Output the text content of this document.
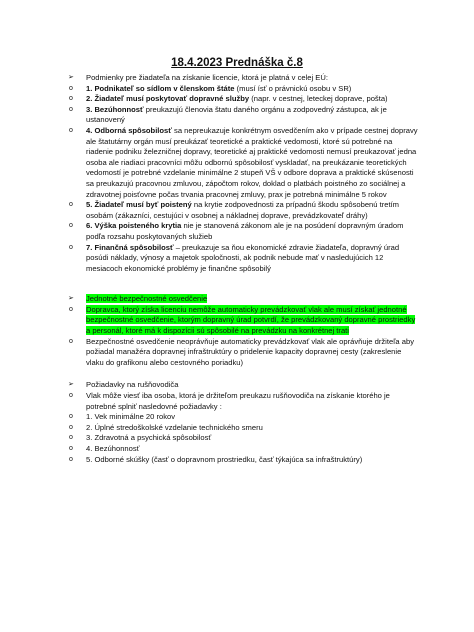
18.4.2023 Prednáška č.8
➢ Podmienky pre žiadateľa na získanie licencie, ktorá je platná v celej EÚ:
o 1. Podnikateľ so sídlom v členskom štáte (musí ísť o právnickú osobu v SR)
o 2. Žiadateľ musí poskytovať dopravné služby (napr. v cestnej, leteckej doprave, pošta)
o 3. Bezúhonnosť preukazujú členovia štatu daného orgánu a zodpovedný zástupca, ak je ustanovený
o 4. Odborná spôsobilosť sa nepreukazuje konkrétnym osvedčením ako v prípade cestnej dopravy ale štatutárny orgán musí preukázať teoretické a praktické vedomosti, ktoré sú potrebné na riadenie podniku železničnej dopravy, teoretické aj praktické vedomosti nemusí preukazovať jedna osoba ale riadiaci pracovníci môžu odbornú spôsobilosť vyskladať, na preukázanie teoretických vedomostí je potrebné vzdelanie minimálne 2 stupeň VŠ v odbore doprava a praktické skúsenosti sa preukazujú pracovnou zmluvou, zápočtom rokov, doklad o platbách poistného zo sociálnej a zdravotnej poisťovne počas trvania pracovnej zmluvy, prax je potrebná minimálne 5 rokov
o 5. Žiadateľ musí byť poistený na krytie zodpovednosti za prípadnú škodu spôsobenú tretím osobám (zákazníci, cestujúci v osobnej a nákladnej doprave, prevádzkovateľ dráhy)
o 6. Výška poisteného krytia nie je stanovená zákonom ale je na posúdení dopravným úradom podľa rozsahu poskytovaných služieb
o 7. Finančná spôsobilosť – preukazuje sa ňou ekonomické zdravie žiadateľa, dopravný úrad posúdi náklady, výnosy a majetok spoločnosti, ak podnik nebude mať v nasledujúcich 12 mesiacoch ekonomické problémy je finančne spôsobilý
➢ Jednotné bezpečnostné osvedčenie
o Dopravca, ktorý získa licenciu nemôže automaticky prevádzkovať vlak ale musí získať jednotné bezpečnostné osvedčenie, ktorým dopravný úrad potvrdí, že prevádzkovaný dopravné prostriedky a personál, ktoré má k dispozícii sú spôsobilé na prevádzku na konkrétnej trati
o Bezpečnostné osvedčenie neoprávňuje automaticky prevádzkovať vlak ale oprávňuje držiteľa aby požiadal manažéra dopravnej infraštruktúry o pridelenie kapacity dopravnej cesty (zakreslenie vlaku do grafikonu alebo cestovného poriadku)
➢ Požiadavky na rušňovodiča
o Vlak môže viesť iba osoba, ktorá je držiteľom preukazu rušňovodiča na získanie ktorého je potrebné splniť nasledovné požiadavky :
o 1. Vek minimálne 20 rokov
o 2. Úplné stredoškolské vzdelanie technického smeru
o 3. Zdravotná a psychická spôsobilosť
o 4. Bezúhonnosť
o 5. Odborné skúšky (časť o dopravnom prostriedku, časť týkajúca sa infraštruktúry)
